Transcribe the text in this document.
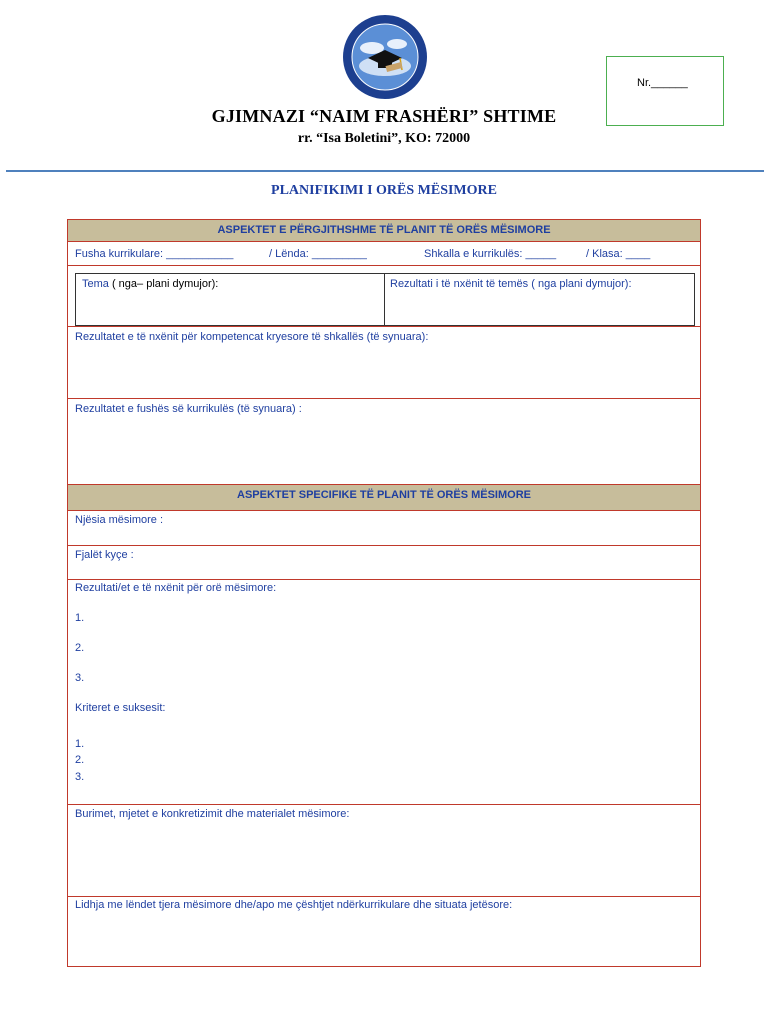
GJIMNAZI “NAIM FRASHËRI” SHTIME
rr. “Isa Boletini”, KO: 72000
Nr.______
PLANIFIKIMI I ORËS MËSIMORE
ASPEKTET E PËRGJITHSHME TË PLANIT TË ORËS MËSIMORE
Fusha kurrikulare: ___________	/ Lënda: _________	Shkalla e kurrikulës: _____	/ Klasa: ____
Tema ( nga– plani dymujor):	Rezultati i të nxënit të temës ( nga plani dymujor):
Rezultatet e të nxënit për kompetencat kryesore të shkallës (të synuara):
Rezultatet e fushës së kurrikulës (të synuara) :
ASPEKTET SPECIFIKE TË PLANIT TË ORËS MËSIMORE
Njësia mësimore :
Fjalët kyçe :
Rezultati/et e të nxënit për orë mësimore:
1.
2.
3.
Kriteret e suksesit:
1.
2.
3.
Burimet, mjetet e konkretizimit dhe materialet mësimore:
Lidhja me lëndet tjera mësimore dhe/apo me çështjet ndërkurrikulare dhe situata jetësore:
